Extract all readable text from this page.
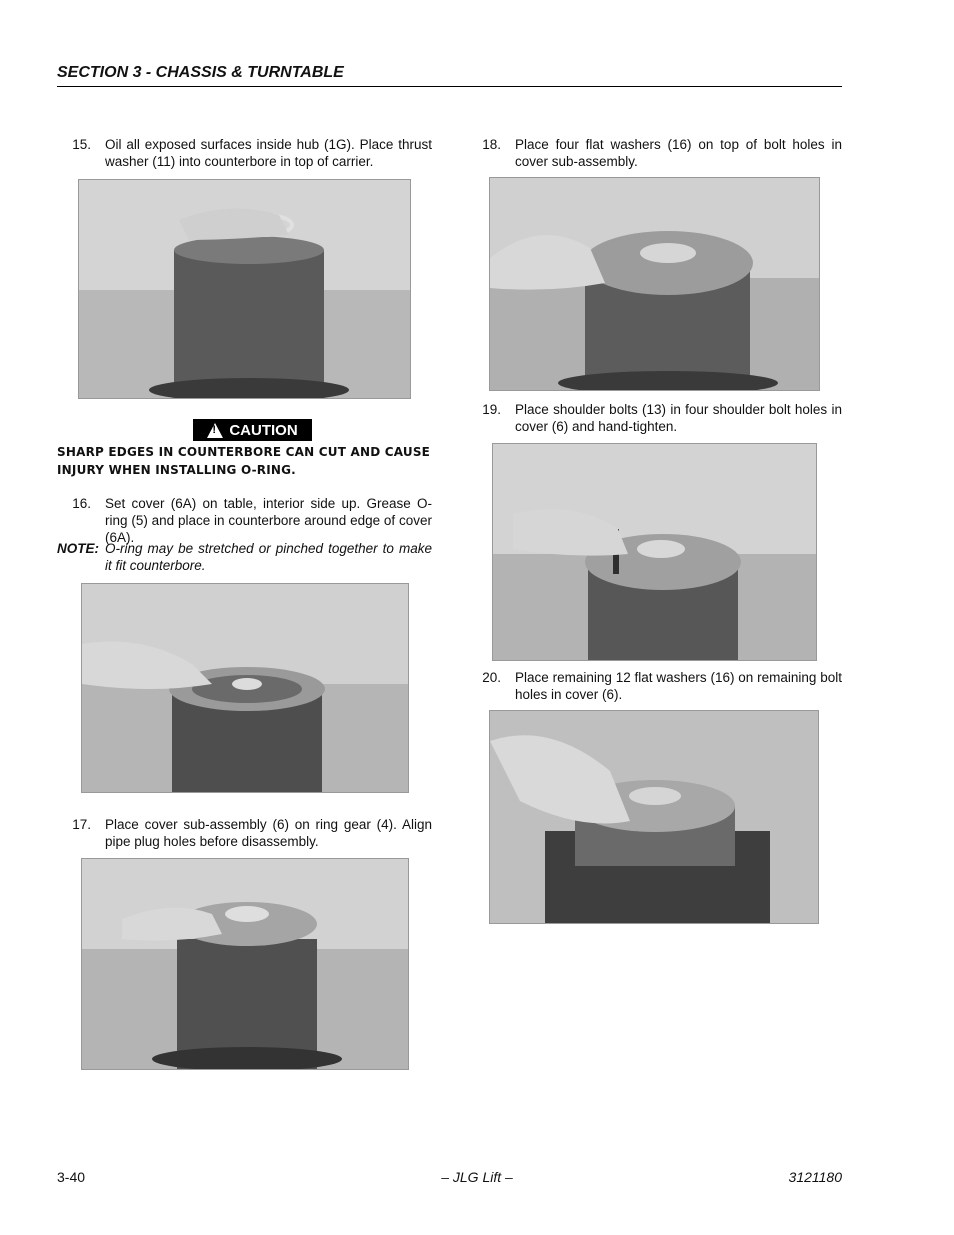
SECTION 3 - CHASSIS & TURNTABLE
15.	Oil all exposed surfaces inside hub (1G). Place thrust washer (11) into counterbore in top of carrier.
!
CAUTION
SHARP EDGES IN COUNTERBORE CAN CUT AND CAUSE INJURY WHEN INSTALLING O-RING.
16.	Set cover (6A) on table, interior side up. Grease O-ring (5) and place in counterbore around edge of cover (6A).
NOTE: O-ring may be stretched or pinched together to make it fit counterbore.
17.	Place cover sub-assembly (6) on ring gear (4). Align pipe plug holes before disassembly.
18.	Place four flat washers (16) on top of bolt holes in cover sub-assembly.
19.	Place shoulder bolts (13) in four shoulder bolt holes in cover (6) and hand-tighten.
20.	Place remaining 12 flat washers (16) on remaining bolt holes in cover (6).
3-40	– JLG Lift –	3121180
